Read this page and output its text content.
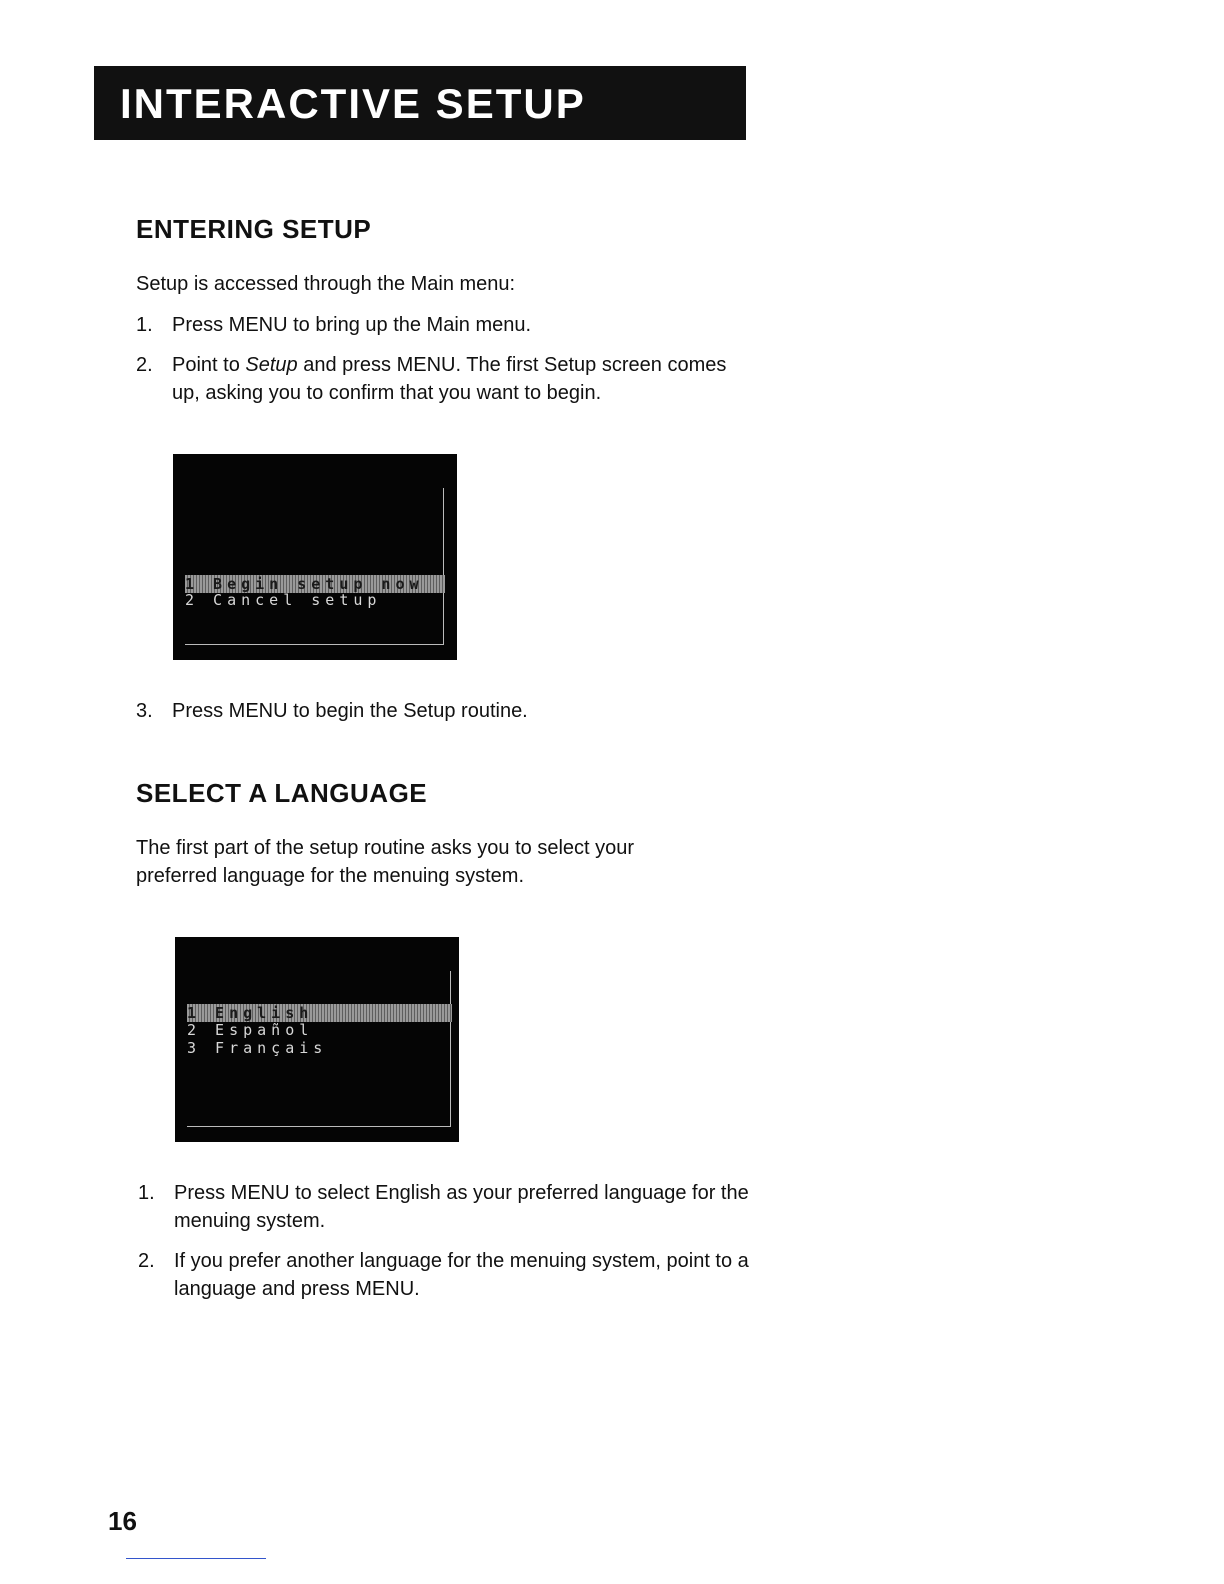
INTERACTIVE SETUP
ENTERING SETUP
Setup is accessed through the Main menu:
1. Press MENU to bring up the Main menu.
2. Point to Setup and press MENU. The first Setup screen comes up, asking you to confirm that you want to begin.
1 Begin setup now
2 Cancel setup
3. Press MENU to begin the Setup routine.
SELECT A LANGUAGE
The first part of the setup routine asks you to select your preferred language for the menuing system.
1 English
2 Español
3 Français
1. Press MENU to select English as your preferred language for the menuing system.
2. If you prefer another language for the menuing system, point to a language and press MENU.
16
